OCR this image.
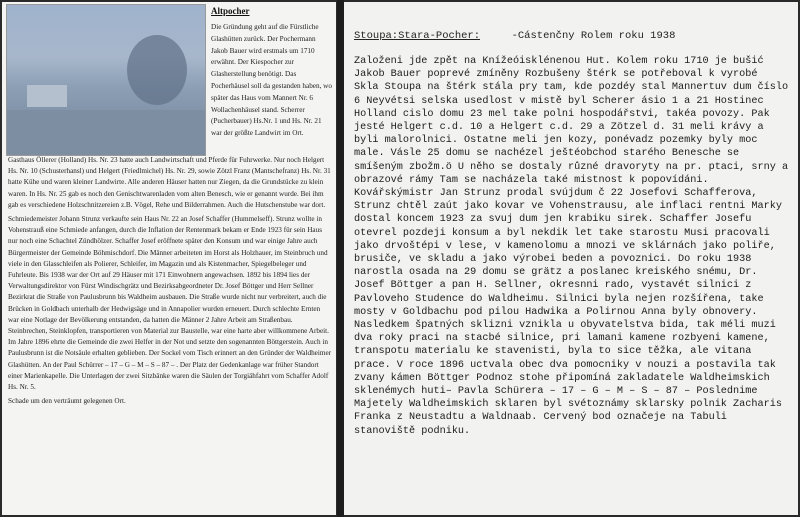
Altpocher

Die Gründung geht auf die Fürstliche Glashütten zurück. Der Pochermann Jakob Bauer wird erstmals um 1710 erwähnt. Der Kiespocher zur Glasherstellung benötigt. Das Pocherhäusel soll da gestanden haben, wo später das Haus vom Mannert Nr. 6 Wollachenhäusel stand. Scherrer (Pucherbauer) Hs.Nr. 1 und Hs. Nr. 21 war der größte Landwirt im Ort.

Gasthaus Öllerer (Holland) Hs. Nr. 23 hatte auch Landwirtschaft und Pferde für Fuhrwerke. Nur noch Helgert Hs. Nr. 10 (Schusterhansl) und Helgert (Friedlmichel) Hs. Nr. 29, sowie Zötzl Franz (Mantschefranz) Hs. Nr. 31 hatte Kühe und waren kleiner Landwirte. Alle anderen Häuser hatten nur Ziegen, da die Grundstücke zu klein waren. In Hs. Nr. 25 gab es noch den Genischtwarenladen vom alten Benesch, wie er genannt wurde. Bei ihm gab es verschiedene Holzschnitzereien z.B. Vögel, Rehe und Bilderrahmen. Auch die Hutschenstube war dort.

Schmiedemeister Johann Strunz verkaufte sein Haus Nr. 22 an Josef Schaffer (Hummelseff). Strunz wollte in Vohenstrauß eine Schmiede anfangen, durch die Inflation der Rentenmark bekam er Ende 1923 für sein Haus nur noch eine Schachtel Zündhölzer. Schaffer Josef eröffnete später den Konsum und war einige Jahre auch Bürgermeister der Gemeinde Böhmischdorf. Die Männer arbeiteten im Horst als Holzhauer, im Steinbruch und viele in den Glasschleifen als Polierer, Schleifer, im Magazin und als Kistenmacher, Spiegelbeleger und Fuhrleute. Bis 1938 war der Ort auf 29 Häuser mit 171 Einwohnern angewachsen. 1892 bis 1894 lies der Verwaltungsdirektor von Fürst Windischgrätz und Bezirksabgeordneter Dr. Josef Böttger und Herr Sellner Bezirkrat die Straße von Paulusbrunn bis Waldheim ausbauen. Die Straße wurde nicht nur verbreitert, auch die Brücken in Goldbach unterhalb der Hedwigsäge und in Annapolier wurden erneuert. Durch schlechte Ernten war eine Notlage der Bevölkerung entstanden, da hatten die Männer 2 Jahre Arbeit am Straßenbau. Steinbrechen, Steinklopfen, transportieren von Material zur Baustelle, war eine harte aber willkommene Arbeit. Im Jahre 1896 ehrte die Gemeinde die zwei Helfer in der Not und setzte den sogenannten Böttgerstein. Auch in Paulusbrunn ist die Notsäule erhalten geblieben. Der Sockel vom Tisch erinnert an den Gründer der Waldheimer Glashütten. An der Paul Schürrer – 17 – G – M – S – 87 – . Der Platz der Gedenkanlage war früher Standort einer Marienkapelle. Die Unterlagen der zwei Sitzbänke waren die Säulen der Torgiähfahrt vom Schaffer Adolf Hs. Nr. 5.

Schade um den verträumt gelegenen Ort.

Stoupa:Stara-Pocher:	-Cástenčny Rolem roku 1938

Založeni jde zpět na Knížeóisklénenou Hut. Kolem roku 1710 je bušić
Jakob Bauer poprevé zmíněny Rozbušeny štérk se potřeboval k vyrobé
Skla Stoupa na štérk stála pry tam, kde pozdéy stal Mannertuv dum číslo 6 Neyvétsi selska usedlost v mistě byl Scherer ásio 1 a 21 Hostinec Holland cislo domu 23 mel take polni hospodářstvi, takéa povozy. Pak jesté Helgert c.d. 10 a Helgert c.d. 29 a Zötzel d. 31 meli krávy a byli malorolnici. Ostatne meli jen kozy, ponévadz pozemky byly moc male. Vásle 25 domu se nachézel ještéobchod starého Benesche se smíšeným zbožm.ö U něho se dostaly různé dravoryty na pr. ptaci, srny a obrazové rámy Tam se nacházela také mistnost k popovídáni.
Kovářskýmistr Jan Strunz prodal svújdum č 22 Josefovi Schafferova, Strunz chtěl zaút jako kovar ve Vohenstrausu, ale inflaci rentni Marky dostal koncem 1923 za svuj dum jen krabiku sirek. Schaffer Josefu otevrel pozdeji konsum a byl nekdik let take starostu Musi pracovali jako drvoštépi v lese, v kamenolomu a mnozi ve sklárnách jako poliře, brusiče, ve skladu a jako výrobei beden a povoznici. Do roku 1938 narostla osada na 29 domu se grätz a poslanec kreiského snému, Dr. Josef Böttger a pan H. Sellner, okresnni rado, vystavét silnici z Pavloveho Studence do Waldheimu. Silnici byla nejen rozšířena, take mosty v Goldbachu pod pilou Hadwika a Polirnou Anna byly obnovery. Nasledkem špatných sklizni vznikla u obyvatelstva bida, tak méli muzi dva roky praci na stacbé silnice, pri lamani kamene rozbyeni kamene, transpotu materialu ke stavenisti, byla to sice těžka, ale vitana prace. V roce 1896 uctvala obec dva pomocniky v nouzi a postavila tak zvany kámen Böttger Podnoz stohe připomíná zakladatele Waldheimskich sklenémych huti– Pavla Schürera – 17 – G – M – S – 87 – Poslednime Majetely Waldheimskich sklaren byl svétoznámy sklarsky polnik Zacharis Franka z Neustadtu a Waldnaab. Cervený bod označeje na Tabuli stanoviště podniku.
